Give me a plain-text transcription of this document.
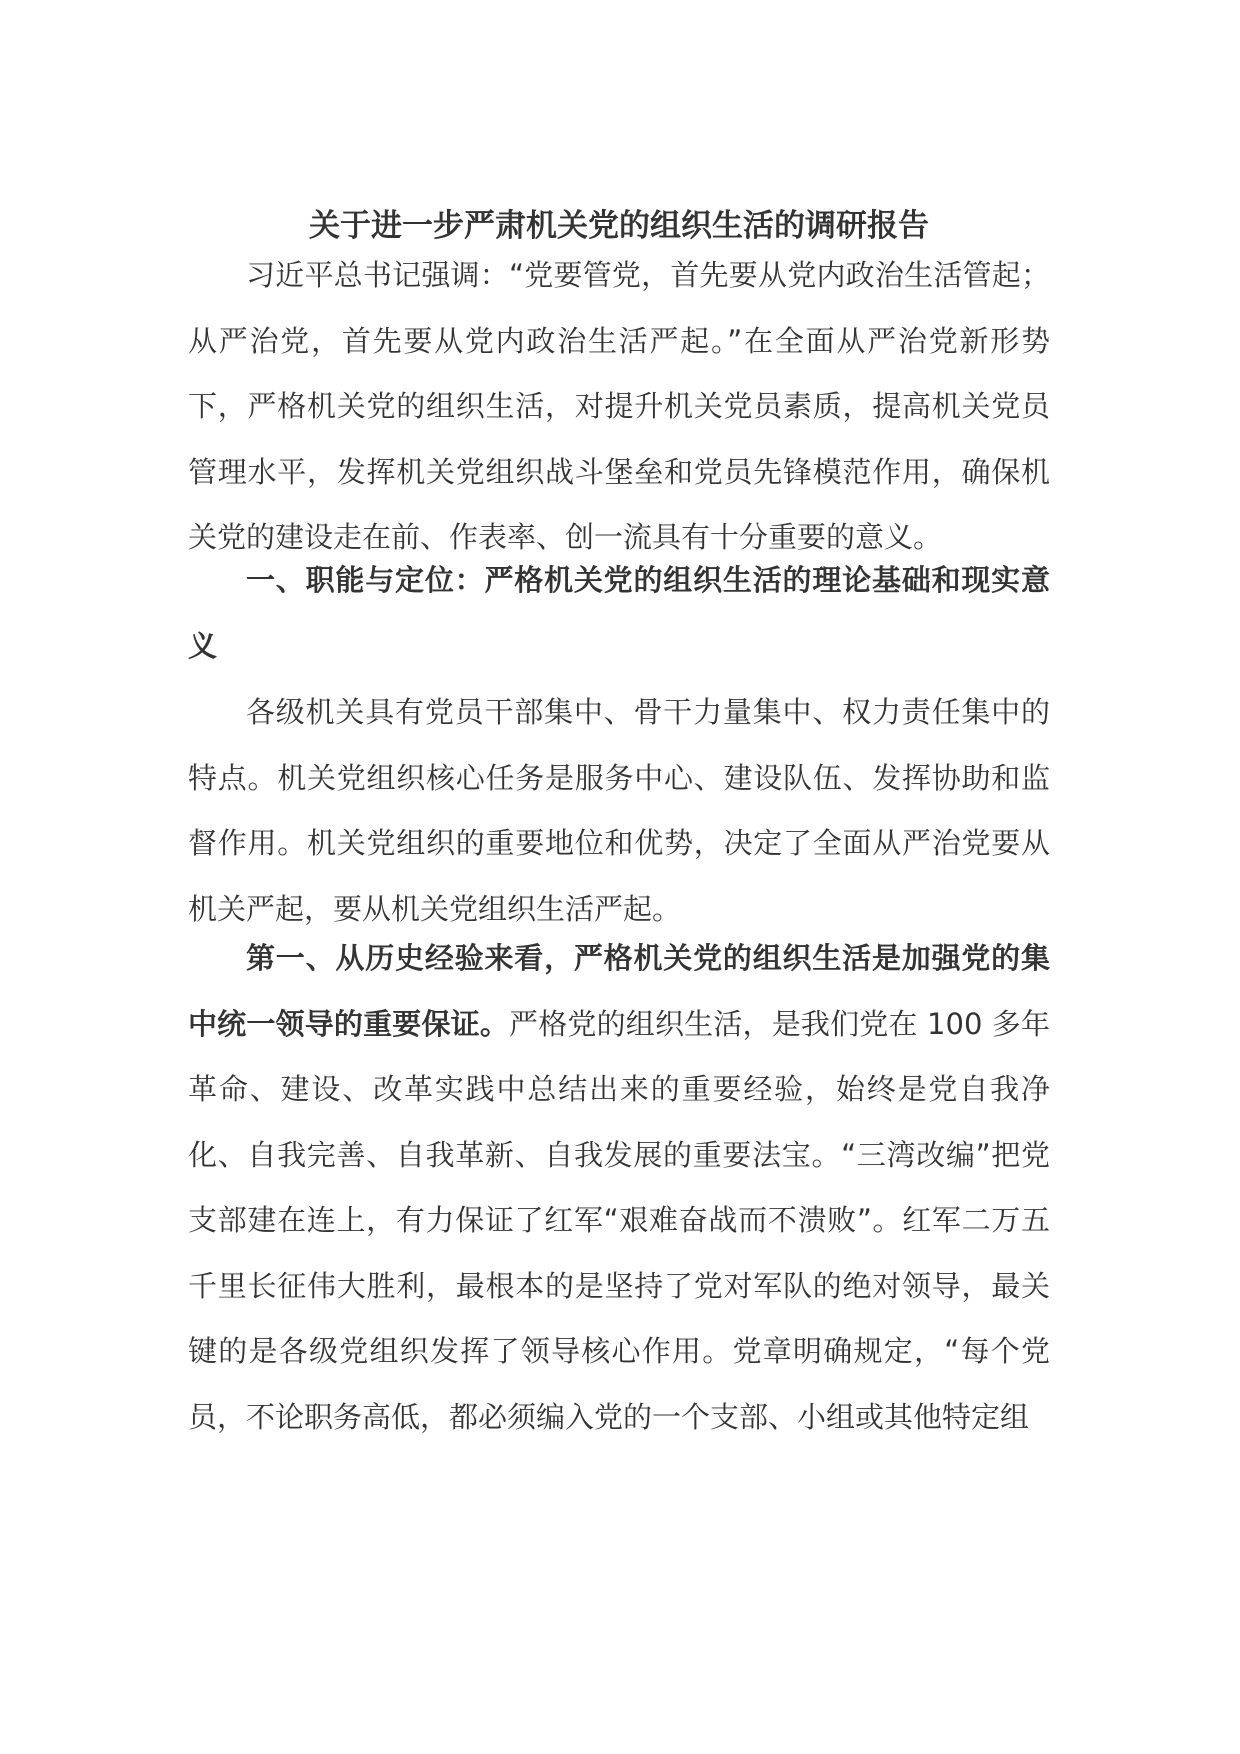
关于进一步严肃机关党的组织生活的调研报告

习近平总书记强调：“党要管党，首先要从党内政治生活管起；从严治党，首先要从党内政治生活严起。”在全面从严治党新形势下，严格机关党的组织生活，对提升机关党员素质，提高机关党员管理水平，发挥机关党组织战斗堡垒和党员先锋模范作用，确保机关党的建设走在前、作表率、创一流具有十分重要的意义。

一、职能与定位：严格机关党的组织生活的理论基础和现实意义

各级机关具有党员干部集中、骨干力量集中、权力责任集中的特点。机关党组织核心任务是服务中心、建设队伍、发挥协助和监督作用。机关党组织的重要地位和优势，决定了全面从严治党要从机关严起，要从机关党组织生活严起。

第一、从历史经验来看，严格机关党的组织生活是加强党的集中统一领导的重要保证。严格党的组织生活，是我们党在 100 多年革命、建设、改革实践中总结出来的重要经验，始终是党自我净化、自我完善、自我革新、自我发展的重要法宝。“三湾改编”把党支部建在连上，有力保证了红军“艰难奋战而不溃败”。红军二万五千里长征伟大胜利，最根本的是坚持了党对军队的绝对领导，最关键的是各级党组织发挥了领导核心作用。党章明确规定，“每个党员，不论职务高低，都必须编入党的一个支部、小组或其他特定组
